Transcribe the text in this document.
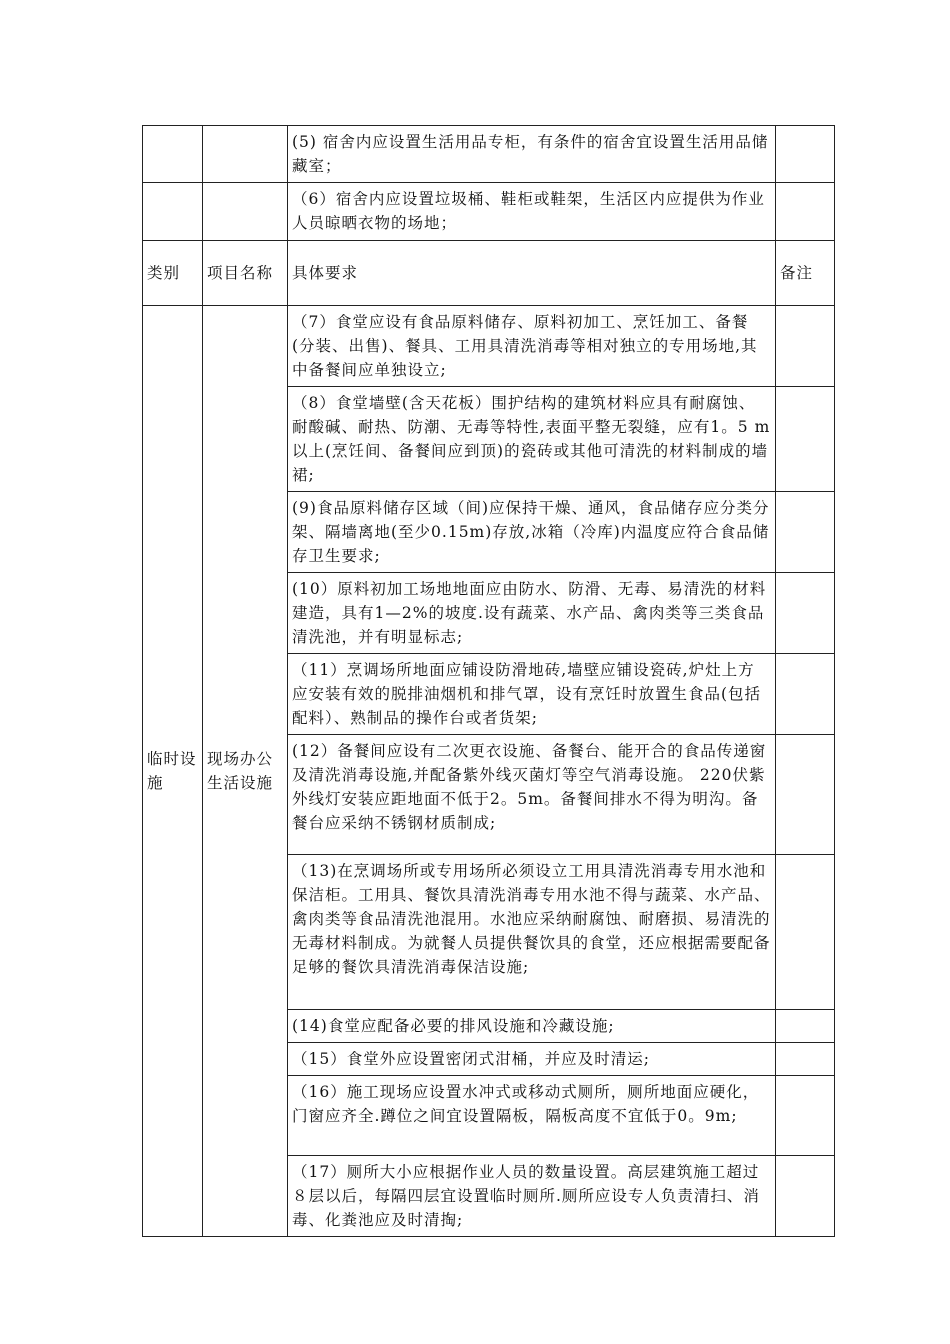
		(5) 宿舍内应设置生活用品专柜，有条件的宿舍宜设置生活用品储藏室；	
		（6）宿舍内应设置垃圾桶、鞋柜或鞋架，生活区内应提供为作业人员晾晒衣物的场地；	
类别	项目名称	具体要求	备注
临时设施	现场办公生活设施	（7）食堂应设有食品原料储存、原料初加工、烹饪加工、备餐(分装、出售)、餐具、工用具清洗消毒等相对独立的专用场地,其中备餐间应单独设立;	
		（8）食堂墙壁(含天花板）围护结构的建筑材料应具有耐腐蚀、耐酸碱、耐热、防潮、无毒等特性,表面平整无裂缝，应有1。5 m以上(烹饪间、备餐间应到顶)的瓷砖或其他可清洗的材料制成的墙裙;	
		(9)食品原料储存区域（间)应保持干燥、通风，食品储存应分类分架、隔墙离地(至少0.15m)存放,冰箱（冷库)内温度应符合食品储存卫生要求;	
		(10）原料初加工场地地面应由防水、防滑、无毒、易清洗的材料建造，具有1—2%的坡度.设有蔬菜、水产品、禽肉类等三类食品清洗池，并有明显标志;	
		（11）烹调场所地面应铺设防滑地砖,墙壁应铺设瓷砖,炉灶上方应安装有效的脱排油烟机和排气罩，设有烹饪时放置生食品(包括配料）、熟制品的操作台或者货架;	
		(12）备餐间应设有二次更衣设施、备餐台、能开合的食品传递窗及清洗消毒设施,并配备紫外线灭菌灯等空气消毒设施。 220伏紫外线灯安装应距地面不低于2。5m。备餐间排水不得为明沟。备餐台应采纳不锈钢材质制成;	
		（13)在烹调场所或专用场所必须设立工用具清洗消毒专用水池和保洁柜。工用具、餐饮具清洗消毒专用水池不得与蔬菜、水产品、禽肉类等食品清洗池混用。水池应采纳耐腐蚀、耐磨损、易清洗的无毒材料制成。为就餐人员提供餐饮具的食堂，还应根据需要配备足够的餐饮具清洗消毒保洁设施;	
		(14)食堂应配备必要的排风设施和冷藏设施;	
		（15）食堂外应设置密闭式泔桶，并应及时清运;	
		（16）施工现场应设置水冲式或移动式厕所，厕所地面应硬化，门窗应齐全.蹲位之间宜设置隔板，隔板高度不宜低于0。9m;	
		（17）厕所大小应根据作业人员的数量设置。高层建筑施工超过８层以后，每隔四层宜设置临时厕所.厕所应设专人负责清扫、消毒、化粪池应及时清掏;	
